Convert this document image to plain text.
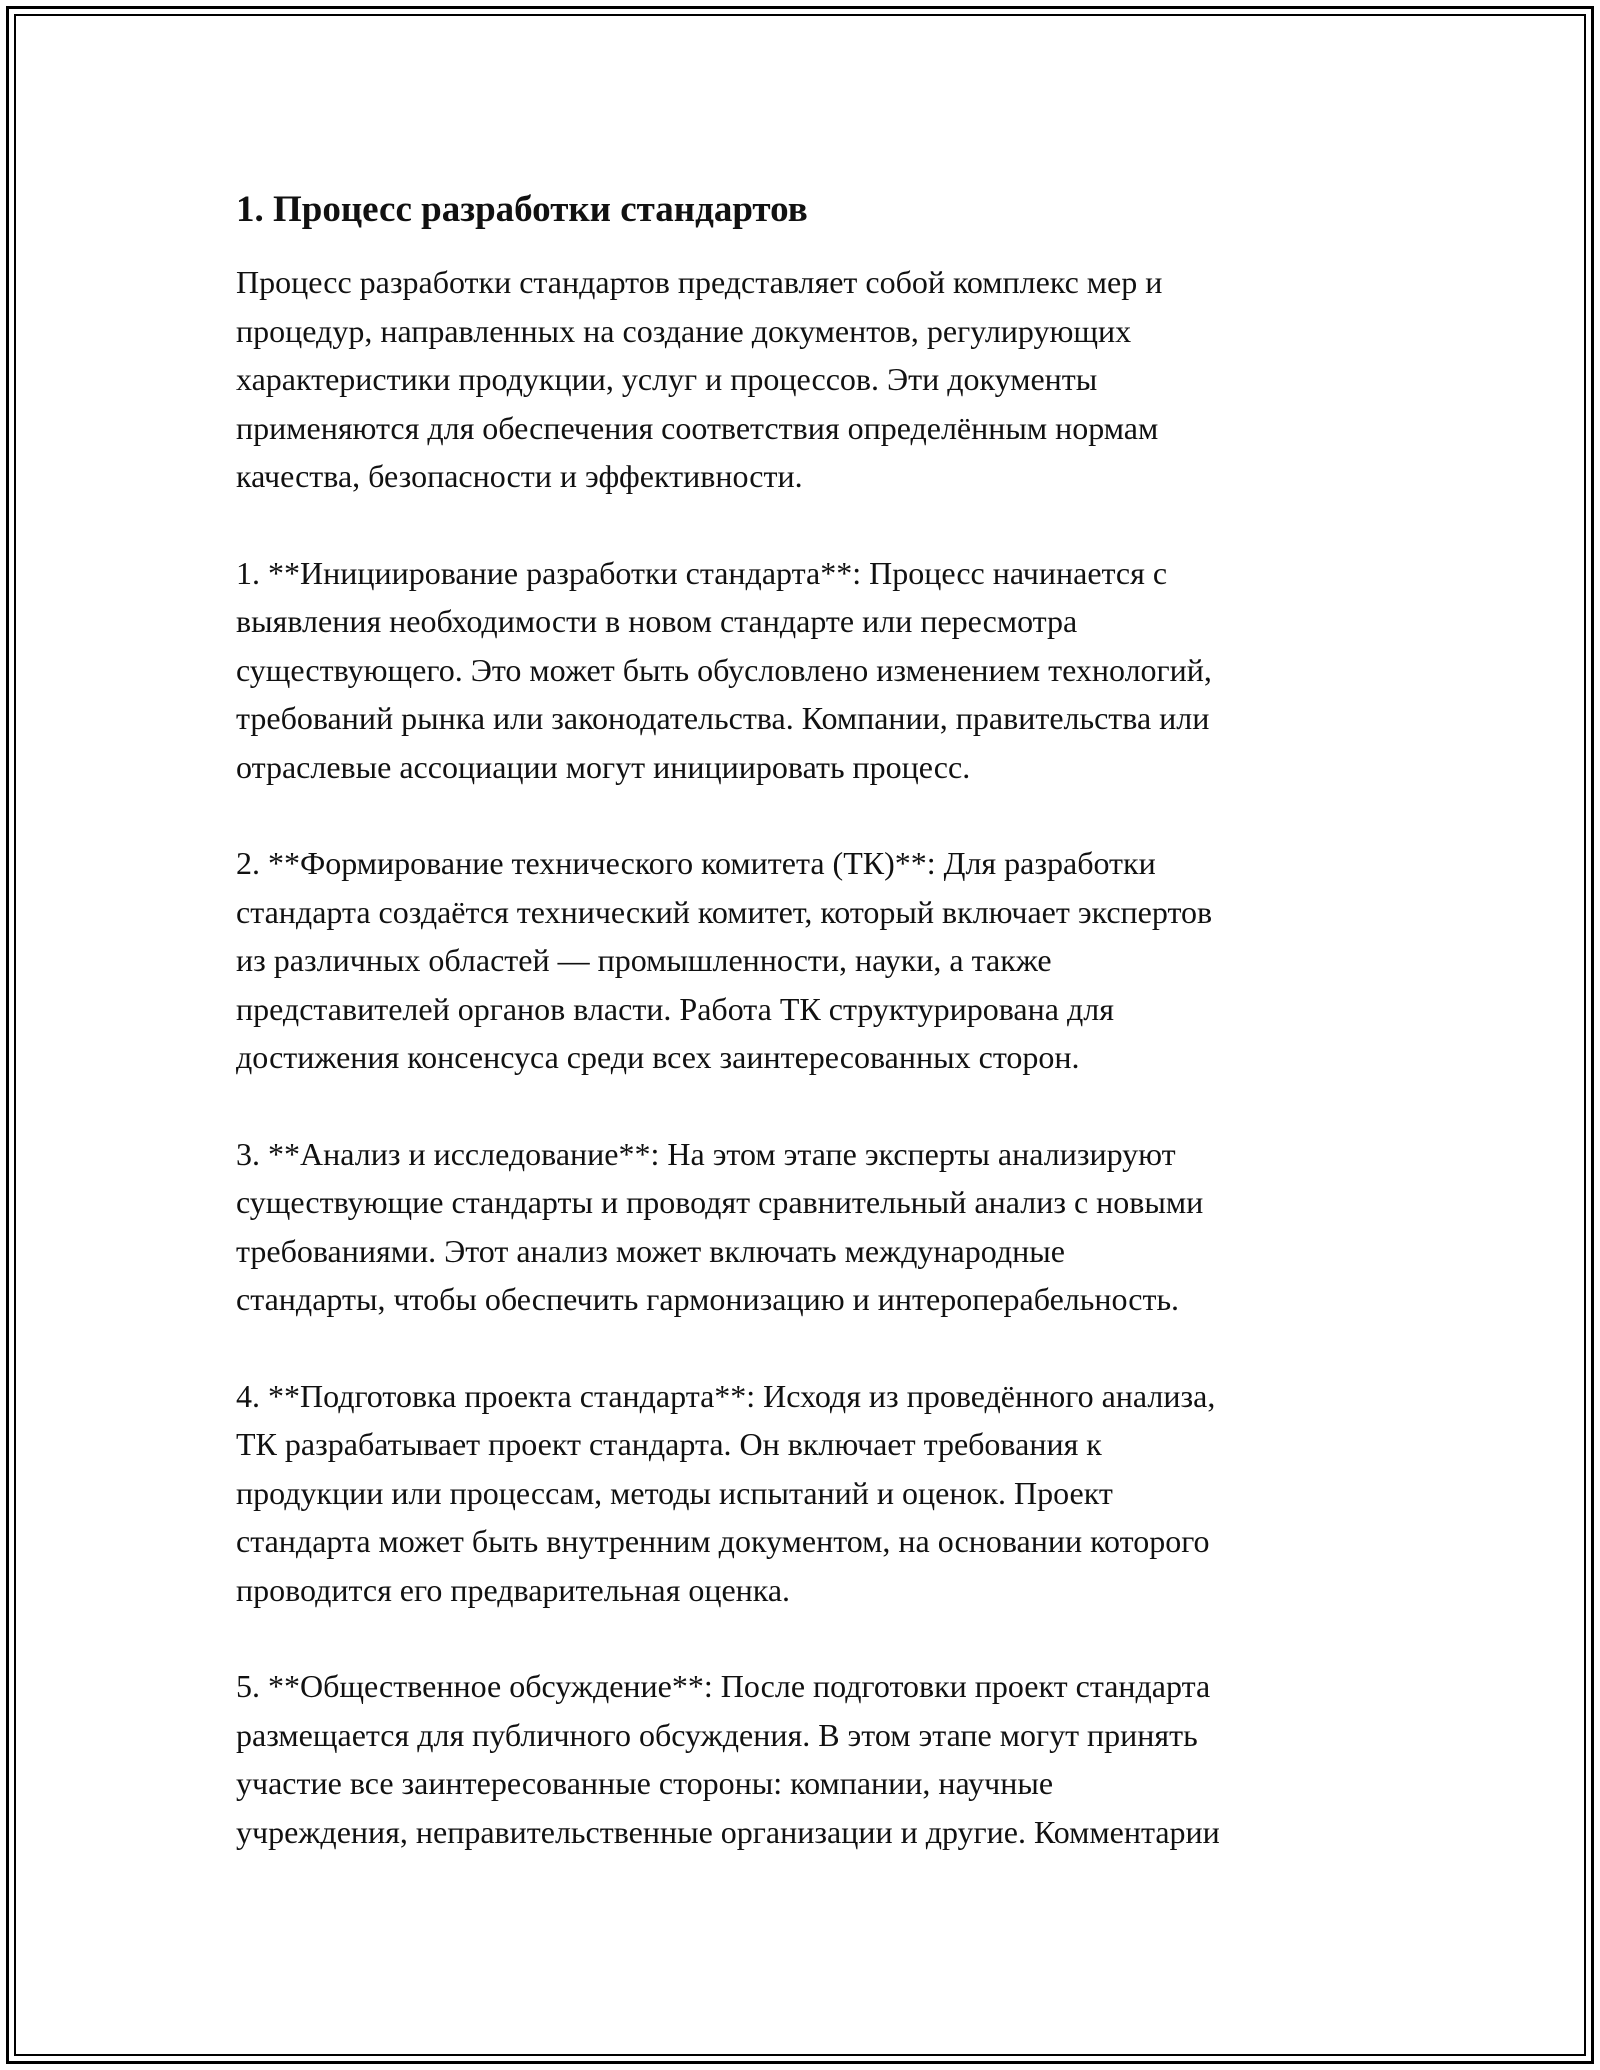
1. Процесс разработки стандартов
Процесс разработки стандартов представляет собой комплекс мер и
процедур, направленных на создание документов, регулирующих
характеристики продукции, услуг и процессов. Эти документы
применяются для обеспечения соответствия определённым нормам
качества, безопасности и эффективности.
1. **Инициирование разработки стандарта**: Процесс начинается с
выявления необходимости в новом стандарте или пересмотра
существующего. Это может быть обусловлено изменением технологий,
требований рынка или законодательства. Компании, правительства или
отраслевые ассоциации могут инициировать процесс.
2. **Формирование технического комитета (ТК)**: Для разработки
стандарта создаётся технический комитет, который включает экспертов
из различных областей — промышленности, науки, а также
представителей органов власти. Работа ТК структурирована для
достижения консенсуса среди всех заинтересованных сторон.
3. **Анализ и исследование**: На этом этапе эксперты анализируют
существующие стандарты и проводят сравнительный анализ с новыми
требованиями. Этот анализ может включать международные
стандарты, чтобы обеспечить гармонизацию и интероперабельность.
4. **Подготовка проекта стандарта**: Исходя из проведённого анализа,
ТК разрабатывает проект стандарта. Он включает требования к
продукции или процессам, методы испытаний и оценок. Проект
стандарта может быть внутренним документом, на основании которого
проводится его предварительная оценка.
5. **Общественное обсуждение**: После подготовки проект стандарта
размещается для публичного обсуждения. В этом этапе могут принять
участие все заинтересованные стороны: компании, научные
учреждения, неправительственные организации и другие. Комментарии
